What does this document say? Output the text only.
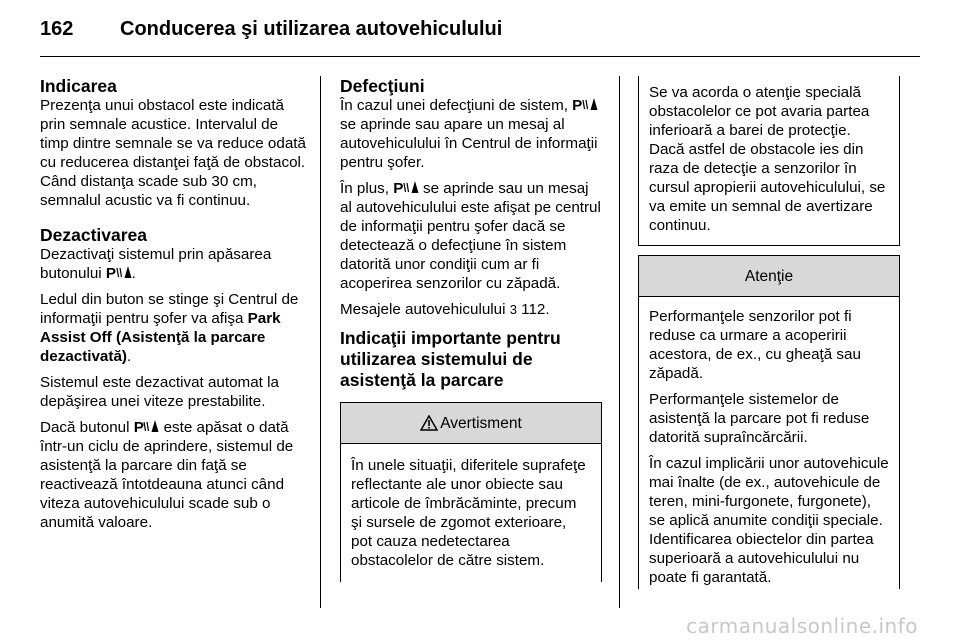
162 Conducerea şi utilizarea autovehiculului
Indicarea

Prezenţa unui obstacol este indicată prin semnale acustice. Intervalul de timp dintre semnale se va reduce odată cu reducerea distanţei faţă de obstacol. Când distanţa scade sub 30 cm, semnalul acustic va fi continuu.

Dezactivarea

Dezactivaţi sistemul prin apăsarea butonului P .

Ledul din buton se stinge şi Centrul de informaţii pentru şofer va afişa Park Assist Off (Asistenţă la parcare dezactivată).

Sistemul este dezactivat automat la depăşirea unei viteze prestabilite.

Dacă butonul P este apăsat o dată într-un ciclu de aprindere, sistemul de asistenţă la parcare din faţă se reactivează întotdeauna atunci când viteza autovehiculului scade sub o anumită valoare.

Defecţiuni

În cazul unei defecţiuni de sistem, P se aprinde sau apare un mesaj al autovehiculului în Centrul de informaţii pentru şofer.

În plus, P se aprinde sau un mesaj al autovehiculului este afişat pe centrul de informaţii pentru şofer dacă se detectează o defecţiune în sistem datorită unor condiţii cum ar fi acoperirea senzorilor cu zăpadă.

Mesajele autovehiculului 3 112.

Indicaţii importante pentru utilizarea sistemului de asistenţă la parcare
Avertisment
În unele situaţii, diferitele suprafeţe reflectante ale unor obiecte sau articole de îmbrăcăminte, precum şi sursele de zgomot exterioare, pot cauza nedetectarea obstacolelor de către sistem.
Se va acorda o atenţie specială obstacolelor ce pot avaria partea inferioară a barei de protecţie. Dacă astfel de obstacole ies din raza de detecţie a senzorilor în cursul apropierii autovehiculului, se va emite un semnal de avertizare continuu.
Atenţie

Performanţele senzorilor pot fi reduse ca urmare a acoperirii acestora, de ex., cu gheaţă sau zăpadă.

Performanţele sistemelor de asistenţă la parcare pot fi reduse datorită supraîncărcării.

În cazul implicării unor autovehicule mai înalte (de ex., autovehicule de teren, mini-furgonete, furgonete), se aplică anumite condiţii speciale. Identificarea obiectelor din partea superioară a autovehiculului nu poate fi garantată.

carmanualsonline.info
